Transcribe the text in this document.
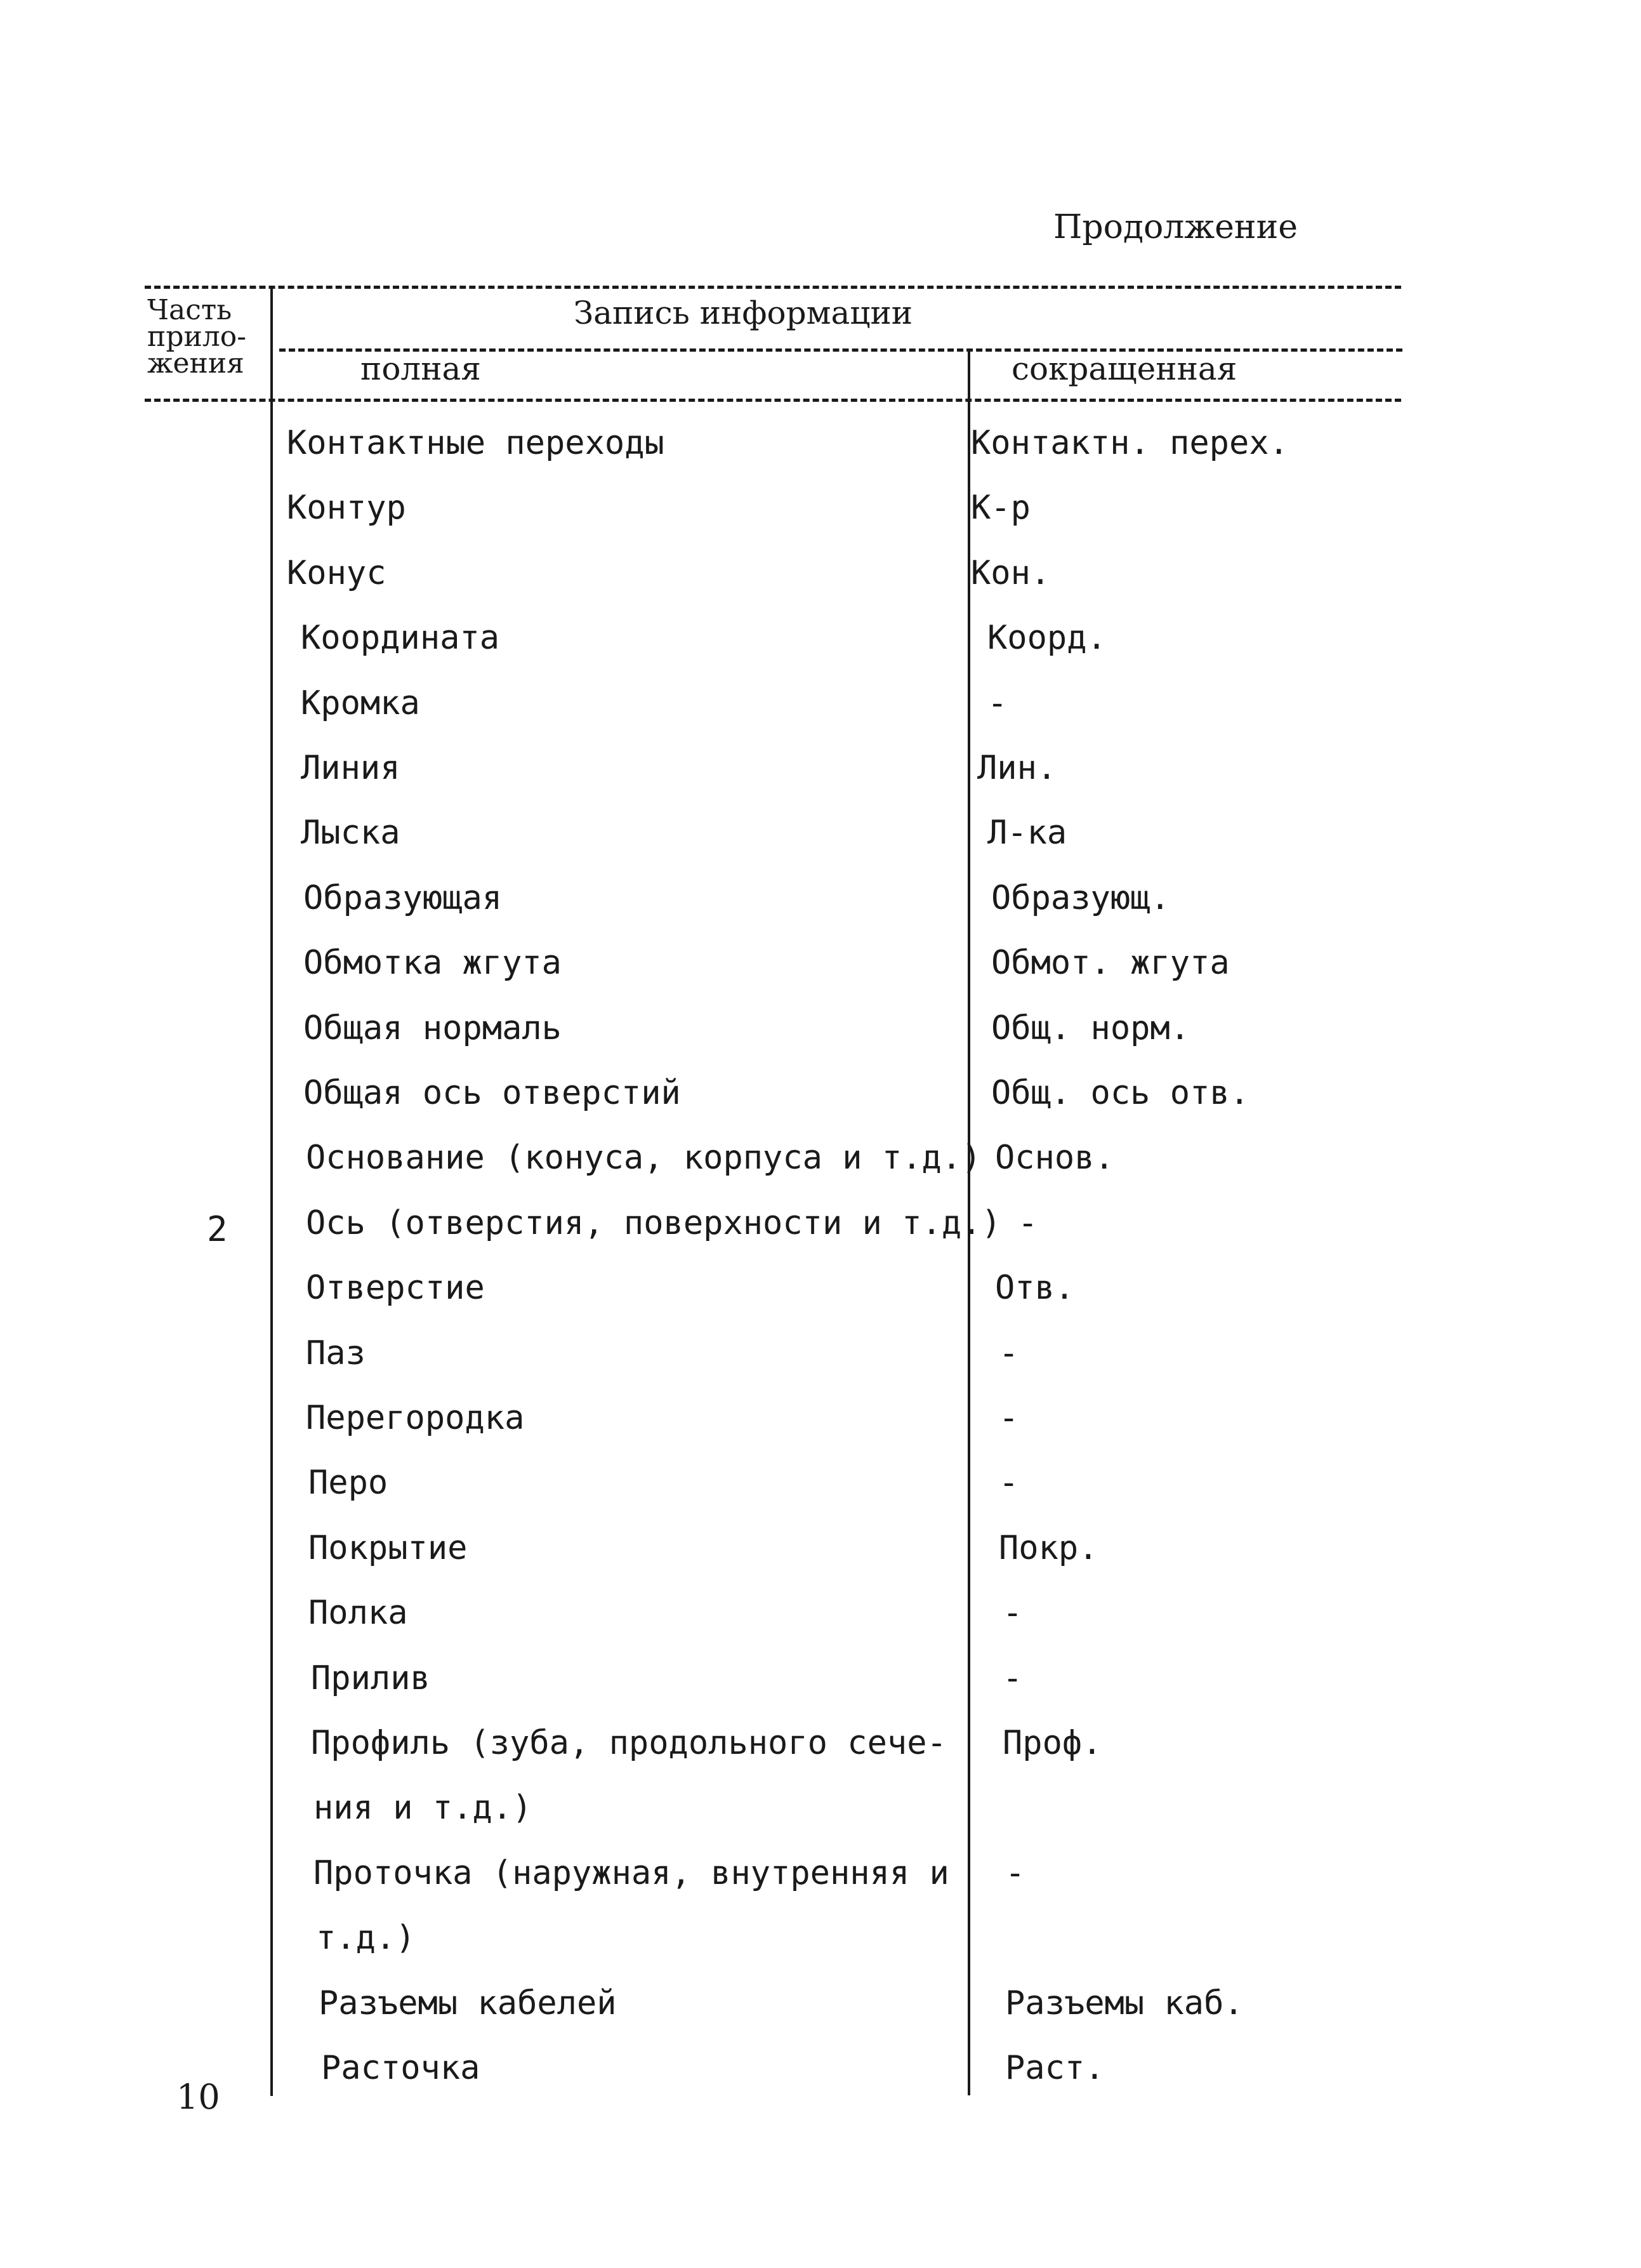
Продолжение
Часть
прило-
жения
Запись информации
полная	сокращенная
Контактные переходы	Контактн. перех.
Контур	К-р
Конус	Кон.
Координата	Коорд.
Кромка	-
Линия	Лин.
Лыска	Л-ка
Образующая	Образующ.
Обмотка жгута	Обмот. жгута
Общая нормаль	Общ. норм.
Общая ось отверстий	Общ. ось отв.
Основание (конуса, корпуса и т.д.) Основ.
Ось (отверстия, поверхности и т.д.) -
Отверстие	Отв.
Паз	-
Перегородка	-
Перо	-
Покрытие	Покр.
Полка	-
Прилив	-
Профиль (зуба, продольного сече- Проф.
ния и т.д.)
Проточка (наружная, внутренняя и -
т.д.)
Разъемы кабелей	Разъемы каб.
Расточка	Раст.
2
10
